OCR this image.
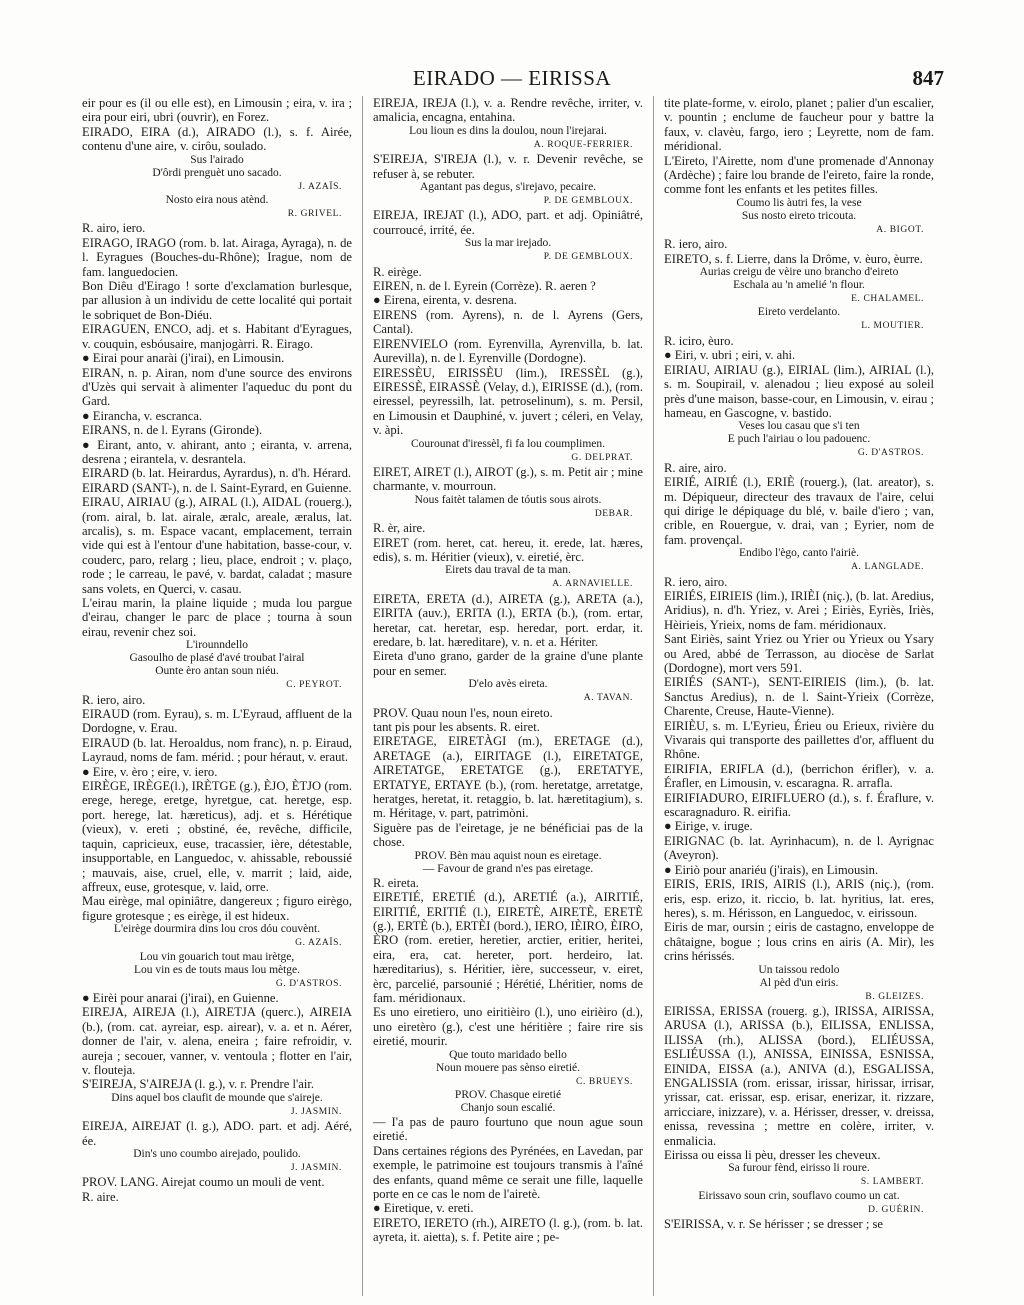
EIRADO — EIRISSA	847
eir pour es (il ou elle est), en Limousin ; eira, v. ira ; eira pour eiri, ubri (ouvrir), en Forez.
EIRADO, EIRA (d.), AIRADO (l.), s. f. Airée, contenu d'une aire, v. cirôu, soulado.
Sus l'airado
D'ôrdi prenguèt uno sacado.
J. AZAÏS.
Nosto eira nous atènd.
R. GRIVEL.
R. airo, iero.
EIRAGO, IRAGO (rom. b. lat. Airaga, Ayraga), n. de l. Eyragues (Bouches-du-Rhône); Irague, nom de fam. languedocien.
Bon Diêu d'Eirago ! sorte d'exclamation burlesque, par allusion à un individu de cette localité qui portait le sobriquet de Bon-Diéu.
EIRAGUEN, ENCO, adj. et s. Habitant d'Eyragues, v. couquin, esbóusaire, manjogàrri. R. Eirago.
● Eirai pour anarài (j'irai), en Limousin.
EIRAN, n. p. Airan, nom d'une source des environs d'Uzès qui servait à alimenter l'aqueduc du pont du Gard.
● Eirancha, v. escranca.
EIRANS, n. de l. Eyrans (Gironde).
● Eirant, anto, v. ahirant, anto ; eiranta, v. arrena, desrena ; eirantela, v. desrantela.
EIRARD (b. lat. Heirardus, Ayrardus), n. d'h. Hérard.
EIRARD (SANT-), n. de l. Saint-Eyrard, en Guienne.
EIRAU, AIRIAU (g.), AIRAL (l.), AIDAL (rouerg.), (rom. airal, b. lat. airale, æralc, areale, æralus, lat. arcalis), s. m. Espace vacant, emplacement, terrain vide qui est à l'entour d'une habitation, basse-cour, v. couderc, paro, relarg ; lieu, place, endroit ; v. plaço, rode ; le carreau, le pavé, v. bardat, caladat ; masure sans volets, en Querci, v. casau.
L'eirau marin, la plaine liquide ; muda lou pargue d'eirau, changer le parc de place ; tourna à soun eirau, revenir chez soi.
L'irounndello
Gasoulho de plasé d'avé troubat l'airal
Ounte èro antan soun niéu.
C. PEYROT.
R. iero, airo.
EIRAUD (rom. Eyrau), s. m. L'Eyraud, affluent de la Dordogne, v. Erau.
EIRAUD (b. lat. Heroaldus, nom franc), n. p. Eiraud, Layraud, noms de fam. mérid. ; pour héraut, v. eraut.
● Eire, v. èro ; eire, v. iero.
EIRÈGE, IRÈGE(l.), IRÈTGE (g.), ÈJO, ÈTJO (rom. erege, herege, eretge, hyretgue, cat. heretge, esp. port. herege, lat. hæreticus), adj. et s. Hérétique (vieux), v. ereti ; obstiné, ée, revêche, difficile, taquin, capricieux, euse, tracassier, ière, détestable, insupportable, en Languedoc, v. ahissable, reboussié ; mauvais, aise, cruel, elle, v. marrit ; laid, aide, affreux, euse, grotesque, v. laid, orre.
Mau eirège, mal opiniâtre, dangereux ; figuro eirègo, figure grotesque ; es eirège, il est hideux.
L'eirège dourmira dins lou cros dóu couvènt.
G. AZAÏS.
Lou vin gouarich tout mau irètge,
Lou vin es de touts maus lou mètge.
G. D'ASTROS.
● Eirèi pour anarai (j'irai), en Guienne.
EIREJA, AIREJA (l.), AIRETJA (querc.), AIREIA (b.), (rom. cat. ayreiar, esp. airear), v. a. et n. Aérer, donner de l'air, v. alena, eneira ; faire refroidir, v. aureja ; secouer, vanner, v. ventoula ; flotter en l'air, v. flouteja.
S'EIREJA, S'AIREJA (l. g.), v. r. Prendre l'air.
Dins aquel bos claufit de mounde que s'aireje.
J. JASMIN.
EIREJA, AIREJAT (l. g.), ADO. part. et adj. Aéré, ée.
Din's uno coumbo airejado, poulido.
J. JASMIN.
PROV. LANG. Airejat coumo un mouli de vent.
R. aire.
EIREJA, IREJA (l.), v. a. Rendre revêche, irriter, v. amalicia, encagna, entahina.
Lou lioun es dins la doulou, noun l'irejarai.
A. ROQUE-FERRIER.
S'EIREJA, S'IREJA (l.), v. r. Devenir revêche, se refuser à, se rebuter.
Agantant pas degus, s'irejavo, pecaire.
P. DE GEMBLOUX.
EIREJA, IREJAT (l.), ADO, part. et adj. Opiniâtré, courroucé, irrité, ée.
Sus la mar irejado.
P. DE GEMBLOUX.
R. eirège.
EIREN, n. de l. Eyrein (Corrèze). R. aeren ?
● Eirena, eirenta, v. desrena.
EIRENS (rom. Ayrens), n. de l. Ayrens (Gers, Cantal).
EIRENVIELO (rom. Eyrenvilla, Ayrenvilla, b. lat. Aurevilla), n. de l. Eyrenville (Dordogne).
EIRESSÈU, EIRISSÈU (lim.), IRESSÈL (g.), EIRESSÈ, EIRASSÈ (Velay, d.), EIRISSE (d.), (rom. eiressel, peyressilh, lat. petroselinum), s. m. Persil, en Limousin et Dauphiné, v. juvert ; céleri, en Velay, v. àpi.
Courounat d'iressèl, fi fa lou coumplimen.
G. DELPRAT.
EIRET, AIRET (l.), AIROT (g.), s. m. Petit air ; mine charmante, v. mourroun.
Nous faitèt talamen de tóutis sous airots.
DEBAR.
R. èr, aire.
EIRET (rom. heret, cat. hereu, it. erede, lat. hæres, edis), s. m. Héritier (vieux), v. eiretié, èrc.
Eirets dau traval de ta man.
A. ARNAVIELLE.
EIRETA, ERETA (d.), AIRETA (g.), ARETA (a.), EIRITA (auv.), ERITA (l.), ERTA (b.), (rom. ertar, heretar, cat. heretar, esp. heredar, port. erdar, it. eredare, b. lat. hæreditare), v. n. et a. Hériter.
Eireta d'uno grano, garder de la graine d'une plante pour en semer.
D'elo avès eireta.
A. TAVAN.
PROV. Quau noun l'es, noun eireto.
tant pis pour les absents. R. eiret.
EIRETAGE, EIRETÀGI (m.), ERETAGE (d.), ARETAGE (a.), EIRITAGE (l.), EIRETATGE, AIRETATGE, ERETATGE (g.), ERETATYE, ERTATYE, ERTAYE (b.), (rom. heretatge, arretatge, heratges, heretat, it. retaggio, b. lat. hæretitagium), s. m. Héritage, v. part, patrimòni.
Siguère pas de l'eiretage, je ne bénéficiai pas de la chose.
PROV. Bèn mau aquist noun es eiretage.
— Favour de grand n'es pas eiretage.
R. eireta.
EIRETIÉ, ERETIÉ (d.), ARETIÉ (a.), AIRITIÉ, EIRITIÉ, ERITIÉ (l.), EIRETÈ, AIRETÈ, ERETÈ (g.), ERTÈ (b.), ERTÈI (bord.), IERO, IÈIRO, ÈIRO, ÈRO (rom. eretier, heretier, arctier, eritier, heritei, eira, era, cat. hereter, port. herdeiro, lat. hæreditarius), s. Héritier, ière, successeur, v. eiret, èrc, parcelié, parsounié ; Hérétié, Lhéritier, noms de fam. méridionaux.
Es uno eiretiero, uno eiritièiro (l.), uno eirièiro (d.), uno eiretèro (g.), c'est une héritière ; faire rire sis eiretié, mourir.
Que touto maridado bello
Noun mouere pas sènso eiretié.
C. BRUEYS.
PROV. Chasque eiretié
Chanjo soun escalié.
— I'a pas de pauro fourtuno que noun ague soun eiretié.
Dans certaines régions des Pyrénées, en Lavedan, par exemple, le patrimoine est toujours transmis à l'aîné des enfants, quand même ce serait une fille, laquelle porte en ce cas le nom de l'airetè.
● Eiretique, v. ereti.
EIRETO, IERETO (rh.), AIRETO (l. g.), (rom. b. lat. ayreta, it. aietta), s. f. Petite aire ; pe-
tite plate-forme, v. eirolo, planet ; palier d'un escalier, v. pountin ; enclume de faucheur pour y battre la faux, v. clavèu, fargo, iero ; Leyrette, nom de fam. méridional.
L'Eireto, l'Airette, nom d'une promenade d'Annonay (Ardèche) ; faire lou brande de l'eireto, faire la ronde, comme font les enfants et les petites filles.
Coumo lis àutri fes, la vese
Sus nosto eireto tricouta.
A. BIGOT.
R. iero, airo.
EIRETO, s. f. Lierre, dans la Drôme, v. èuro, èurre.
Aurias creigu de vèire uno brancho d'eireto
Eschala au 'n amelié 'n flour.
E. CHALAMEL.
Eireto verdelanto.
L. MOUTIER.
R. iciro, èuro.
● Eiri, v. ubri ; eiri, v. ahi.
EIRIAU, AIRIAU (g.), EIRIAL (lim.), AIRIAL (l.), s. m. Soupirail, v. alenadou ; lieu exposé au soleil près d'une maison, basse-cour, en Limousin, v. eirau ; hameau, en Gascogne, v. bastido.
Veses lou casau que s'i ten
E puch l'airiau o lou padouenc.
G. D'ASTROS.
R. aire, airo.
EIRIÉ, AIRIÉ (l.), ERIÈ (rouerg.), (lat. areator), s. m. Dépiqueur, directeur des travaux de l'aire, celui qui dirige le dépiquage du blé, v. baile d'iero ; van, crible, en Rouergue, v. drai, van ; Eyrier, nom de fam. provençal.
Endibo l'ègo, canto l'airiè.
A. LANGLADE.
R. iero, airo.
EIRIÉS, EIRIEIS (lim.), IRIÈI (niç.), (b. lat. Aredius, Aridius), n. d'h. Yriez, v. Arei ; Eiriès, Eyriès, Iriès, Hèirieis, Yrieix, noms de fam. méridionaux.
Sant Eiriès, saint Yriez ou Yrier ou Yrieux ou Ysary ou Ared, abbé de Terrasson, au diocèse de Sarlat (Dordogne), mort vers 591.
EIRIÉS (SANT-), SENT-EIRIEIS (lim.), (b. lat. Sanctus Aredius), n. de l. Saint-Yrieix (Corrèze, Charente, Creuse, Haute-Vienne).
EIRIÈU, s. m. L'Eyrieu, Érieu ou Erieux, rivière du Vivarais qui transporte des paillettes d'or, affluent du Rhône.
EIRIFIA, ERIFLA (d.), (berrichon érifler), v. a. Érafler, en Limousin, v. escaragna. R. arrafla.
EIRIFIADURO, EIRIFLUERO (d.), s. f. Éraflure, v. escaragnaduro. R. eirifia.
● Eirige, v. iruge.
EIRIGNAC (b. lat. Ayrinhacum), n. de l. Ayrignac (Aveyron).
● Eiriò pour anariéu (j'irais), en Limousin.
EIRIS, ERIS, IRIS, AIRIS (l.), ARIS (niç.), (rom. eris, esp. erizo, it. riccio, b. lat. hyritius, lat. eres, heres), s. m. Hérisson, en Languedoc, v. eirissoun.
Eiris de mar, oursin ; eiris de castagno, enveloppe de châtaigne, bogue ; lous crins en airis (A. Mir), les crins hérissés.
Un taissou redolo
Al pèd d'un eiris.
B. GLEIZES.
EIRISSA, ERISSA (rouerg. g.), IRISSA, AIRISSA, ARUSA (l.), ARISSA (b.), EILISSA, ENLISSA, ILISSA (rh.), ALISSA (bord.), ELIÉUSSA, ESLIÉUSSA (l.), ANISSA, EINISSA, ESNISSA, EINIDA, EISSA (a.), ANIVA (d.), ESGALISSA, ENGALISSIA (rom. erissar, irissar, hirissar, irrisar, yrissar, cat. erissar, esp. erisar, enerizar, it. rizzare, arricciare, inizzare), v. a. Hérisser, dresser, v. dreissa, enissa, revessina ; mettre en colère, irriter, v. enmalicia.
Eirissa ou eissa li pèu, dresser les cheveux.
Sa furour fènd, eirisso li roure.
S. LAMBERT.
Eirissavo soun crin, souflavo coumo un cat.
D. GUÉRIN.
S'EIRISSA, v. r. Se hérisser ; se dresser ; se
